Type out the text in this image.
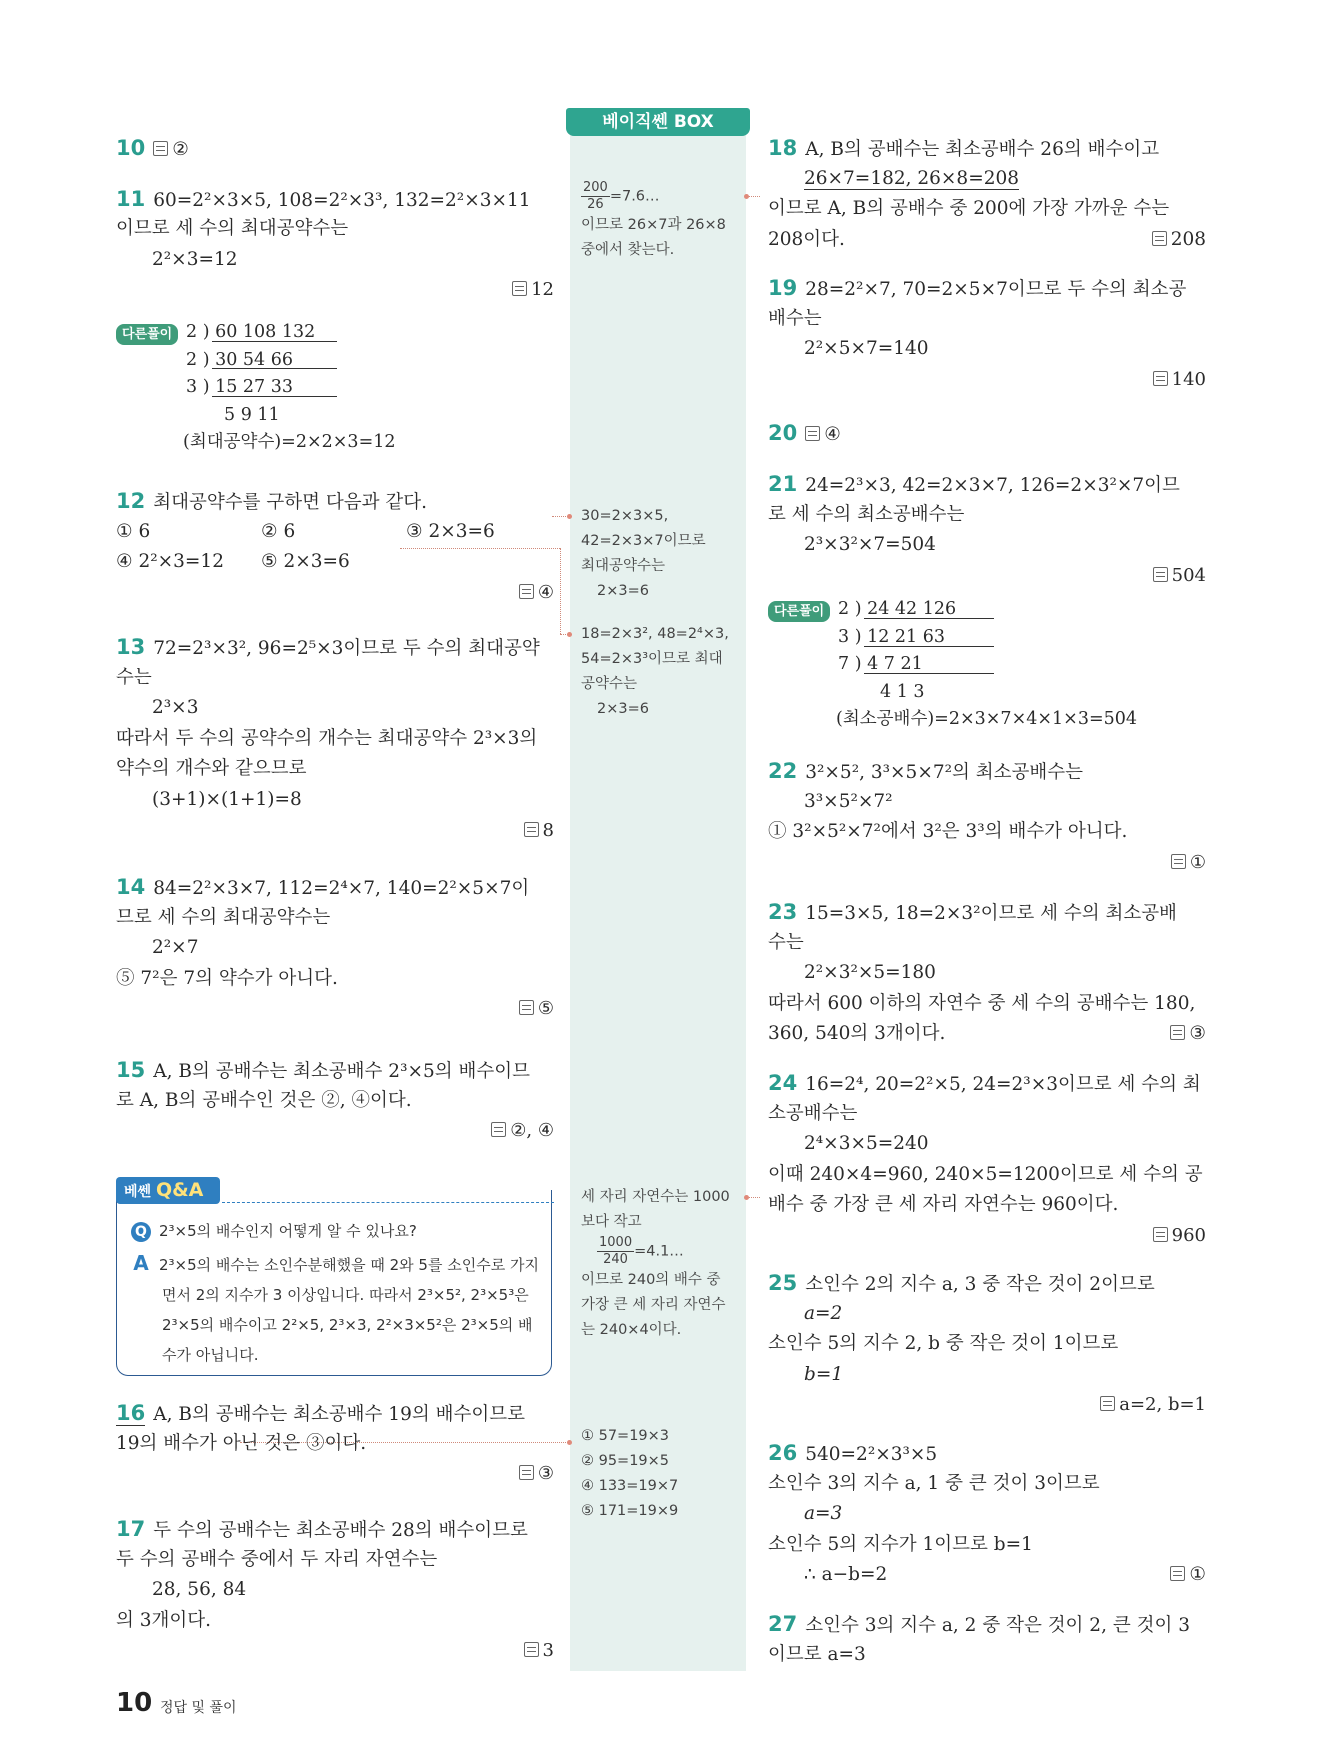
베이직쎈 BOX
$\frac{200}{26}$ =7.6…
이므로 26×7과 26×8
중에서 찾는다.
30=2×3×5,
42=2×3×7이므로
최대공약수는
2×3=6
18=2×3², 48=2⁴×3,
54=2×3³이므로 최대
공약수는
2×3=6
세 자리 자연수는 1000
보다 작고
$\frac{1000}{240}$ =4.1…
이므로 240의 배수 중
가장 큰 세 자리 자연수
는 240×4이다.
① 57=19×3
② 95=19×5
④ 133=19×7
⑤ 171=19×9
10 ②
11 60=2²×3×5, 108=2²×3³, 132=2²×3×11
이므로 세 수의 최대공약수는
2²×3=12
12
다른풀이 2 ) 60 108 132
2 ) 30 54 66
3 ) 15 27 33
5 9 11
(최대공약수)=2×2×3=12
12 최대공약수를 구하면 다음과 같다.
① 6	② 6	③ 2×3=6
④ 2²×3=12 ⑤ 2×3=6
④
13 72=2³×3², 96=2⁵×3이므로 두 수의 최대공약
수는
2³×3
따라서 두 수의 공약수의 개수는 최대공약수 2³×3의
약수의 개수와 같으므로
(3+1)×(1+1)=8
8
14 84=2²×3×7, 112=2⁴×7, 140=2²×5×7이
므로 세 수의 최대공약수는
2²×7
⑤ 7²은 7의 약수가 아니다.
⑤
15 A, B의 공배수는 최소공배수 2³×5의 배수이므
로 A, B의 공배수인 것은 ②, ④이다.
②, ④
베쎈 Q&A
Q 2³×5의 배수인지 어떻게 알 수 있나요?
A 2³×5의 배수는 소인수분해했을 때 2와 5를 소인수로 가지
면서 2의 지수가 3 이상입니다. 따라서 2³×5², 2³×5³은
2³×5의 배수이고 2²×5, 2³×3, 2²×3×5²은 2³×5의 배
수가 아닙니다.
16 A, B의 공배수는 최소공배수 19의 배수이므로
19의 배수가 아닌 것은 ③이다.
③
17 두 수의 공배수는 최소공배수 28의 배수이므로
두 수의 공배수 중에서 두 자리 자연수는
28, 56, 84
의 3개이다.
3
18 A, B의 공배수는 최소공배수 26의 배수이고
26×7=182, 26×8=208
이므로 A, B의 공배수 중 200에 가장 가까운 수는
208이다.	208
19 28=2²×7, 70=2×5×7이므로 두 수의 최소공
배수는
2²×5×7=140
140
20 ④
21 24=2³×3, 42=2×3×7, 126=2×3²×7이므
로 세 수의 최소공배수는
2³×3²×7=504
504
다른풀이 2 ) 24 42 126
3 ) 12 21 63
7 ) 4 7 21
4 1 3
(최소공배수)=2×3×7×4×1×3=504
22 3²×5², 3³×5×7²의 최소공배수는
3³×5²×7²
① 3²×5²×7²에서 3²은 3³의 배수가 아니다.
①
23 15=3×5, 18=2×3²이므로 세 수의 최소공배
수는
2²×3²×5=180
따라서 600 이하의 자연수 중 세 수의 공배수는 180,
360, 540의 3개이다.	③
24 16=2⁴, 20=2²×5, 24=2³×3이므로 세 수의 최
소공배수는
2⁴×3×5=240
이때 240×4=960, 240×5=1200이므로 세 수의 공
배수 중 가장 큰 세 자리 자연수는 960이다.
960
25 소인수 2의 지수 a, 3 중 작은 것이 2이므로
a=2
소인수 5의 지수 2, b 중 작은 것이 1이므로
b=1
a=2, b=1
26 540=2²×3³×5
소인수 3의 지수 a, 1 중 큰 것이 3이므로
a=3
소인수 5의 지수가 1이므로 b=1
∴ a−b=2	①
27 소인수 3의 지수 a, 2 중 작은 것이 2, 큰 것이 3
이므로 a=3
10 정답 및 풀이
